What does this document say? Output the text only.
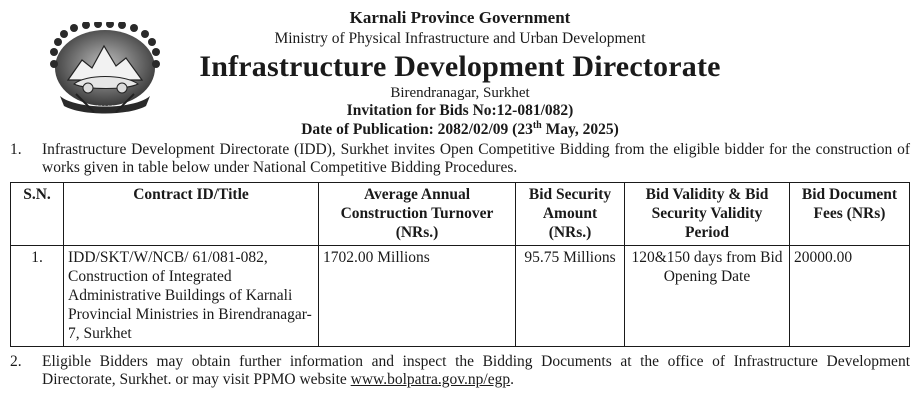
· · · · · · ·
Karnali Province Government
Ministry of Physical Infrastructure and Urban Development
Infrastructure Development Directorate
Birendranagar, Surkhet
Invitation for Bids No:12-081/082)
Date of Publication: 2082/02/09 (23th May, 2025)
1. Infrastructure Development Directorate (IDD), Surkhet invites Open Competitive Bidding from the eligible bidder for the construction of works given in table below under National Competitive Bidding Procedures.
S.N.	Contract ID/Title	Average Annual Construction Turnover (NRs.)	Bid Security Amount (NRs.)	Bid Validity & Bid Security Validity Period	Bid Document Fees (NRs)
1.	IDD/SKT/W/NCB/ 61/081-082, Construction of Integrated Administrative Buildings of Karnali Provincial Ministries in Birendranagar-7, Surkhet	1702.00 Millions	95.75 Millions	120&150 days from Bid Opening Date	20000.00
2. Eligible Bidders may obtain further information and inspect the Bidding Documents at the office of Infrastructure Development Directorate, Surkhet. or may visit PPMO website www.bolpatra.gov.np/egp.
